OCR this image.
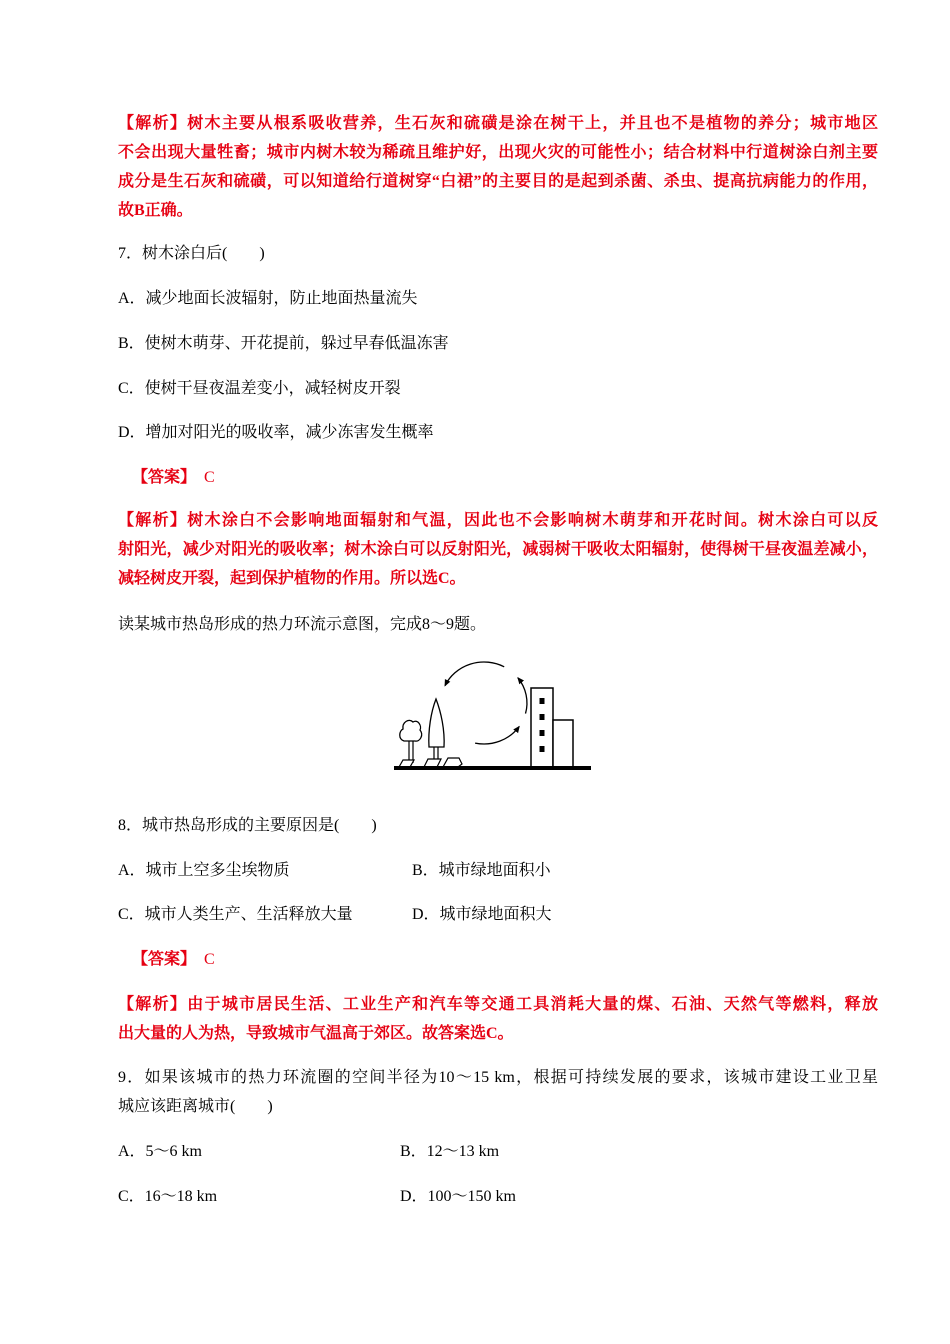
【解析】树木主要从根系吸收营养，生石灰和硫磺是涂在树干上，并且也不是植物的养分；城市地区
不会出现大量牲畜；城市内树木较为稀疏且维护好，出现火灾的可能性小；结合材料中行道树涂白剂主要
成分是生石灰和硫磺，可以知道给行道树穿“白裙”的主要目的是起到杀菌、杀虫、提高抗病能力的作用，
故B正确。
7．树木涂白后(　　)
A．减少地面长波辐射，防止地面热量流失
B．使树木萌芽、开花提前，躲过早春低温冻害
C．使树干昼夜温差变小，减轻树皮开裂
D．增加对阳光的吸收率，减少冻害发生概率
【答案】 C
【解析】树木涂白不会影响地面辐射和气温，因此也不会影响树木萌芽和开花时间。树木涂白可以反
射阳光，减少对阳光的吸收率；树木涂白可以反射阳光，减弱树干吸收太阳辐射，使得树干昼夜温差减小，
减轻树皮开裂，起到保护植物的作用。所以选C。
读某城市热岛形成的热力环流示意图，完成8～9题。
8．城市热岛形成的主要原因是(　　)
A．城市上空多尘埃物质	B．城市绿地面积小
C．城市人类生产、生活释放大量	D．城市绿地面积大
【答案】 C
【解析】由于城市居民生活、工业生产和汽车等交通工具消耗大量的煤、石油、天然气等燃料，释放
出大量的人为热，导致城市气温高于郊区。故答案选C。
9．如果该城市的热力环流圈的空间半径为10～15 km，根据可持续发展的要求，该城市建设工业卫星
城应该距离城市(　　)
A．5～6 km	B．12～13 km
C．16～18 km	D．100～150 km
